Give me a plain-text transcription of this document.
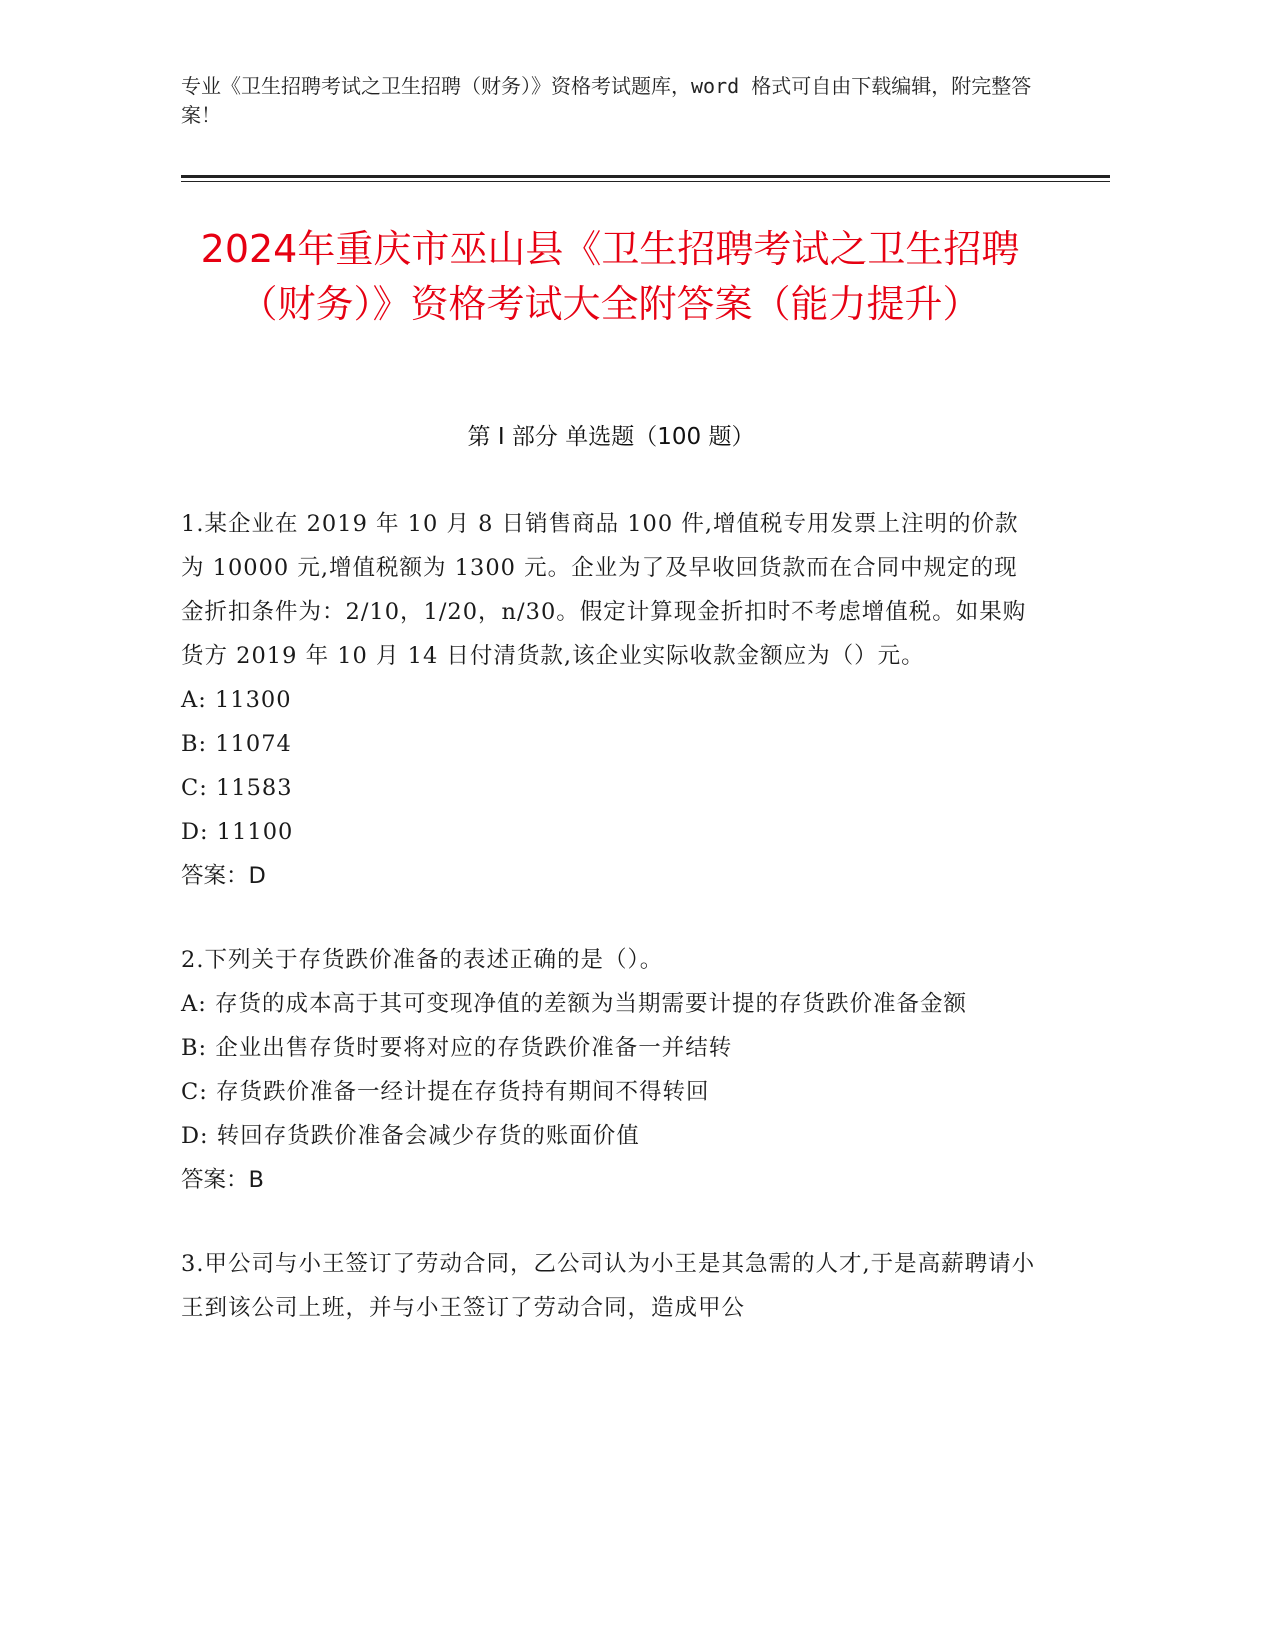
专业《卫生招聘考试之卫生招聘（财务）》资格考试题库，word 格式可自由下载编辑，附完整答案！
2024年重庆市巫山县《卫生招聘考试之卫生招聘（财务）》资格考试大全附答案（能力提升）
第 I 部分 单选题（100 题）

1.某企业在 2019 年 10 月 8 日销售商品 100 件,增值税专用发票上注明的价款为 10000 元,增值税额为 1300 元。企业为了及早收回货款而在合同中规定的现金折扣条件为：2/10，1/20，n/30。假定计算现金折扣时不考虑增值税。如果购货方 2019 年 10 月 14 日付清货款,该企业实际收款金额应为（）元。

A: 11300

B: 11074

C: 11583

D: 11100

答案：D

2.下列关于存货跌价准备的表述正确的是（）。

A: 存货的成本高于其可变现净值的差额为当期需要计提的存货跌价准备金额

B: 企业出售存货时要将对应的存货跌价准备一并结转

C: 存货跌价准备一经计提在存货持有期间不得转回

D: 转回存货跌价准备会减少存货的账面价值

答案：B

3.甲公司与小王签订了劳动合同，乙公司认为小王是其急需的人才,于是高薪聘请小王到该公司上班，并与小王签订了劳动合同，造成甲公
